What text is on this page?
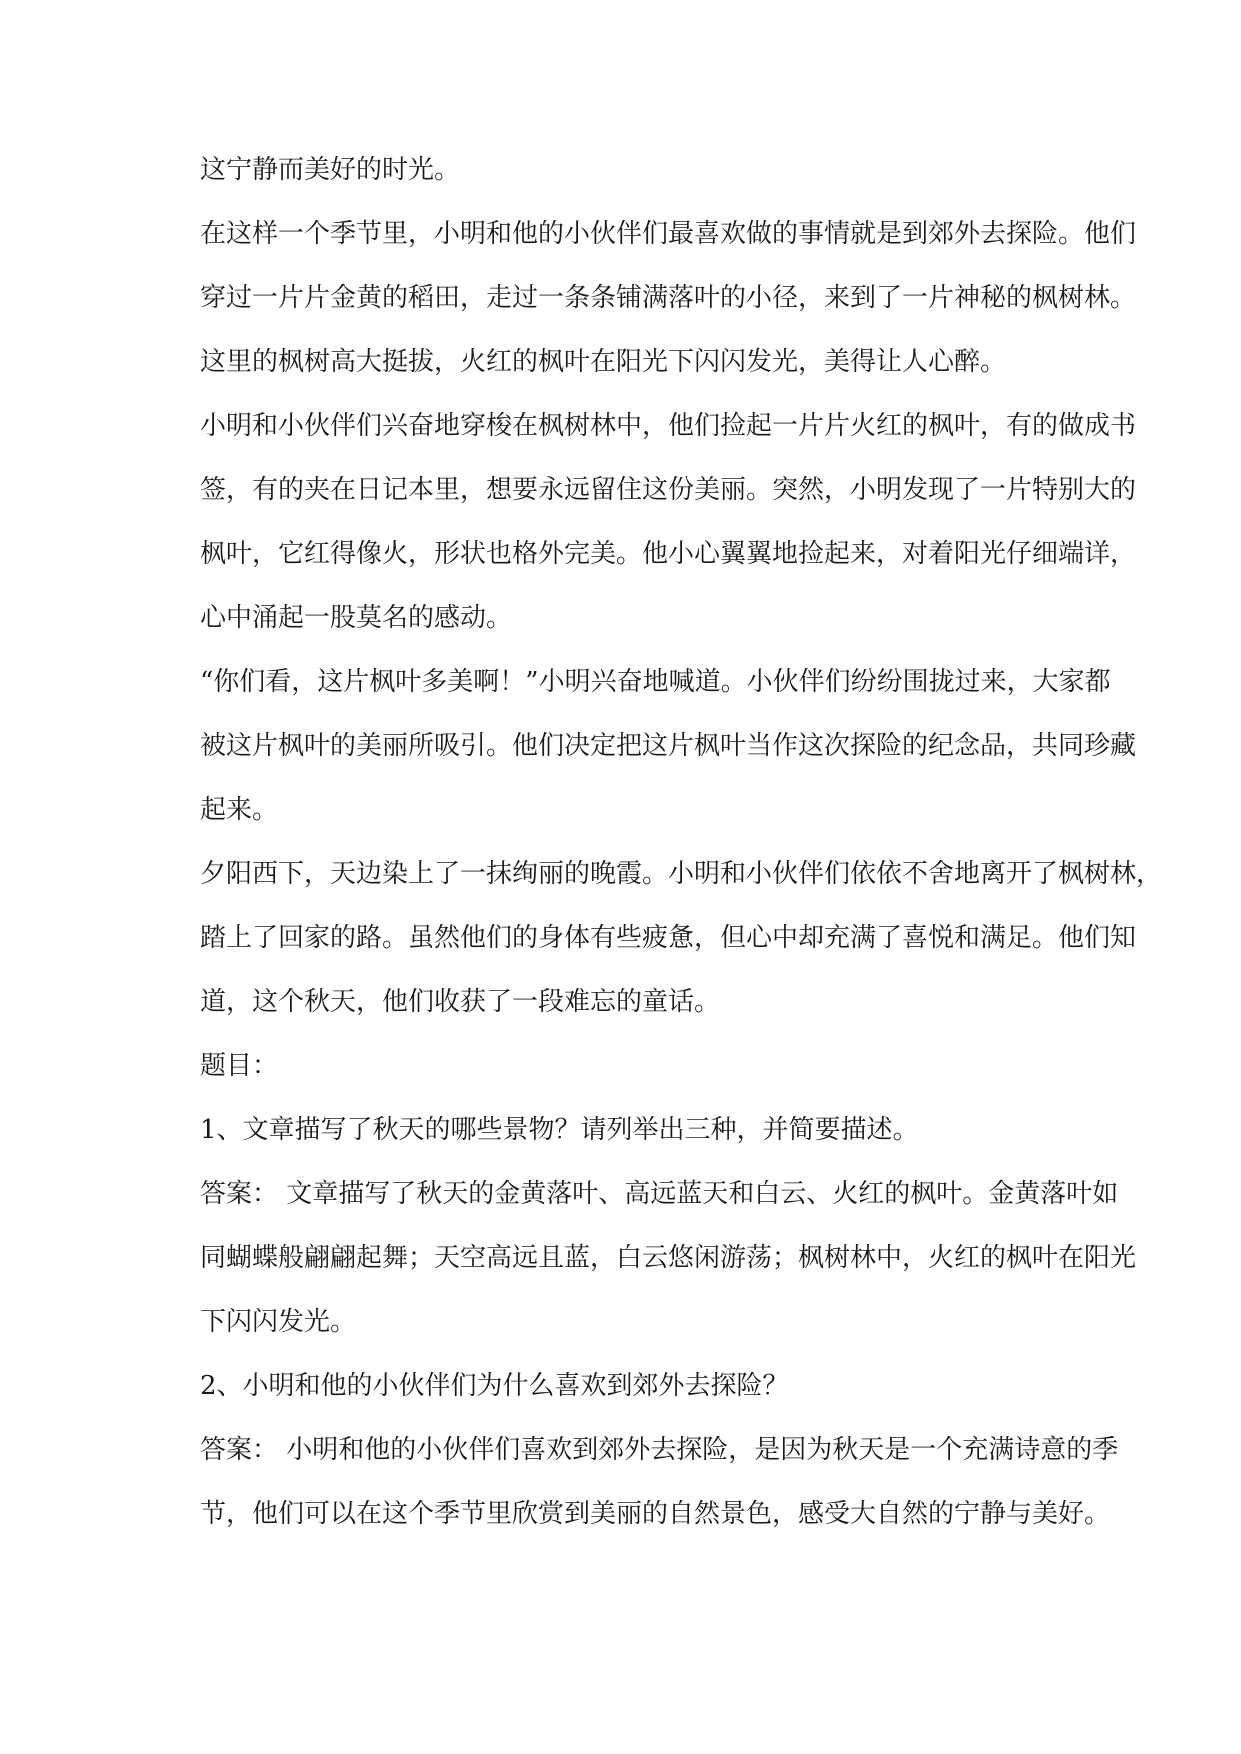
这宁静而美好的时光。

在这样一个季节里，小明和他的小伙伴们最喜欢做的事情就是到郊外去探险。他们

穿过一片片金黄的稻田，走过一条条铺满落叶的小径，来到了一片神秘的枫树林。

这里的枫树高大挺拔，火红的枫叶在阳光下闪闪发光，美得让人心醉。

小明和小伙伴们兴奋地穿梭在枫树林中，他们捡起一片片火红的枫叶，有的做成书

签，有的夹在日记本里，想要永远留住这份美丽。突然，小明发现了一片特别大的

枫叶，它红得像火，形状也格外完美。他小心翼翼地捡起来，对着阳光仔细端详，

心中涌起一股莫名的感动。

“你们看，这片枫叶多美啊！”小明兴奋地喊道。小伙伴们纷纷围拢过来，大家都

被这片枫叶的美丽所吸引。他们决定把这片枫叶当作这次探险的纪念品，共同珍藏

起来。

夕阳西下，天边染上了一抹绚丽的晚霞。小明和小伙伴们依依不舍地离开了枫树林，

踏上了回家的路。虽然他们的身体有些疲惫，但心中却充满了喜悦和满足。他们知

道，这个秋天，他们收获了一段难忘的童话。

题目：

1、文章描写了秋天的哪些景物？请列举出三种，并简要描述。

答案： 文章描写了秋天的金黄落叶、高远蓝天和白云、火红的枫叶。金黄落叶如

同蝴蝶般翩翩起舞；天空高远且蓝，白云悠闲游荡；枫树林中，火红的枫叶在阳光

下闪闪发光。

2、小明和他的小伙伴们为什么喜欢到郊外去探险？

答案： 小明和他的小伙伴们喜欢到郊外去探险，是因为秋天是一个充满诗意的季

节，他们可以在这个季节里欣赏到美丽的自然景色，感受大自然的宁静与美好。
